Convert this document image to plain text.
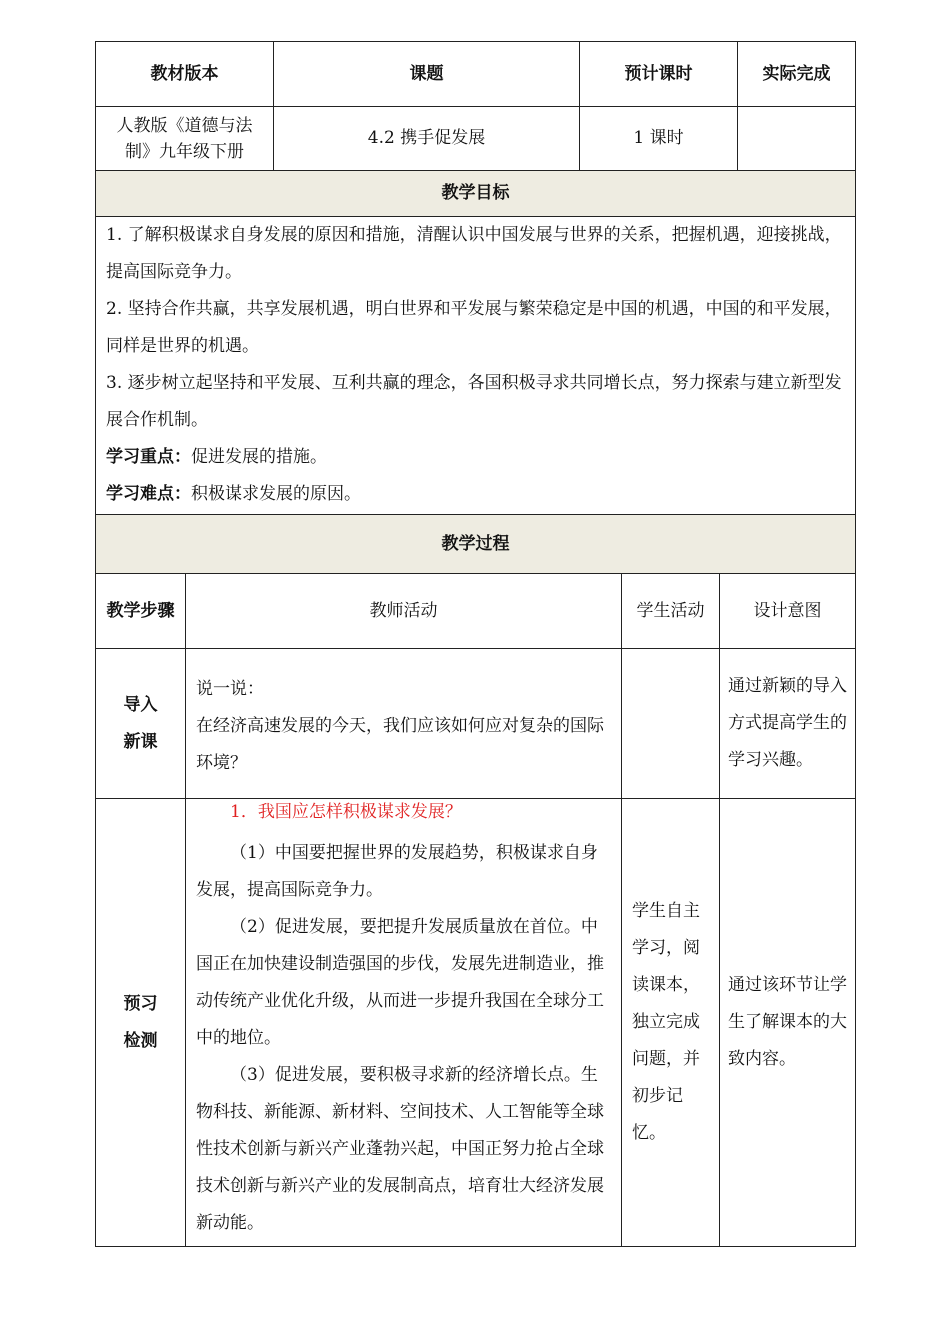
教材版本	课题	预计课时	实际完成
人教版《道德与法制》九年级下册	4.2 携手促发展	1 课时	
教学目标			

1. 了解积极谋求自身发展的原因和措施，清醒认识中国发展与世界的关系，把握机遇，迎接挑战，提高国际竞争力。

2. 坚持合作共赢，共享发展机遇，明白世界和平发展与繁荣稳定是中国的机遇，中国的和平发展，同样是世界的机遇。

3. 逐步树立起坚持和平发展、互利共赢的理念，各国积极寻求共同增长点，努力探索与建立新型发展合作机制。

学习重点：促进发展的措施。

学习难点：积极谋求发展的原因。			

教学过程			
教学步骤	教师活动	学生活动	设计意图
导入新课	说一说：

在经济高速发展的今天，我们应该如何应对复杂的国际环境？		通过新颖的导入方式提高学生的学习兴趣。
预习检测	1．我国应怎样积极谋求发展？

（1）中国要把握世界的发展趋势，积极谋求自身发展，提高国际竞争力。

（2）促进发展，要把提升发展质量放在首位。中国正在加快建设制造强国的步伐，发展先进制造业，推动传统产业优化升级，从而进一步提升我国在全球分工中的地位。

（3）促进发展，要积极寻求新的经济增长点。生物科技、新能源、新材料、空间技术、人工智能等全球性技术创新与新兴产业蓬勃兴起，中国正努力抢占全球技术创新与新兴产业的发展制高点，培育壮大经济发展新动能。	学生自主学习，阅读课本，独立完成问题，并初步记忆。	通过该环节让学生了解课本的大致内容。
